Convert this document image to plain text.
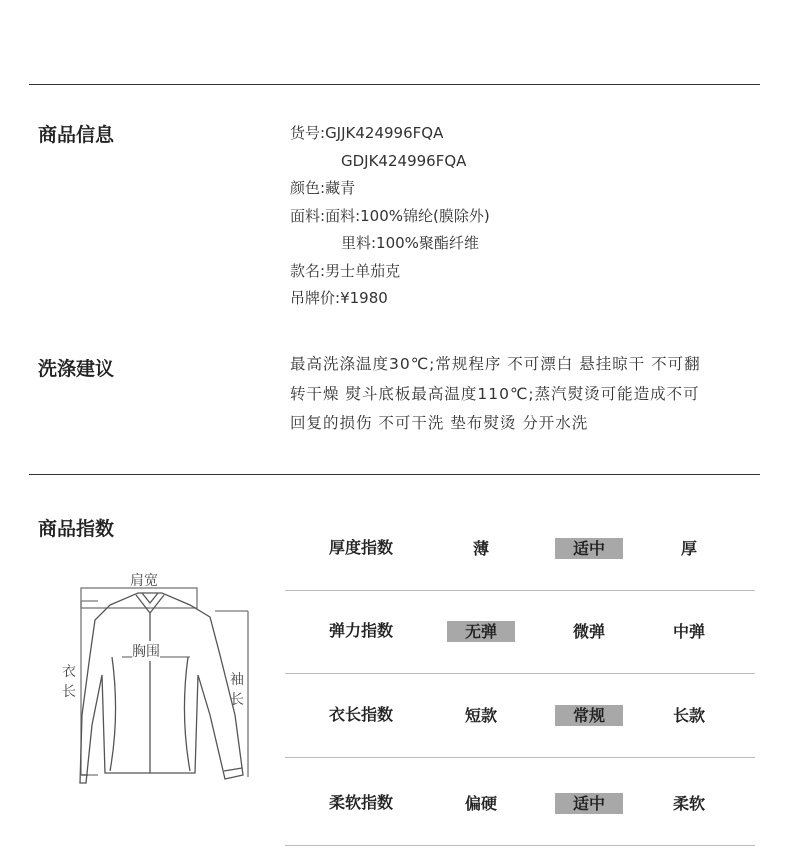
商品信息	货号:GJJK424996FQA
GDJK424996FQA
颜色:藏青
面料:面料:100%锦纶(膜除外)
里料:100%聚酯纤维
款名:男士单茄克
吊牌价:¥1980
洗涤建议	最高洗涤温度30℃;常规程序 不可漂白 悬挂晾干 不可翻
转干燥 熨斗底板最高温度110℃;蒸汽熨烫可能造成不可
回复的损伤 不可干洗 垫布熨烫 分开水洗
商品指数
肩宽
胸围
衣
长
袖
长
厚度指数	薄	适中	厚
弹力指数	无弹	微弹	中弹
衣长指数	短款	常规	长款
柔软指数	偏硬	适中	柔软
